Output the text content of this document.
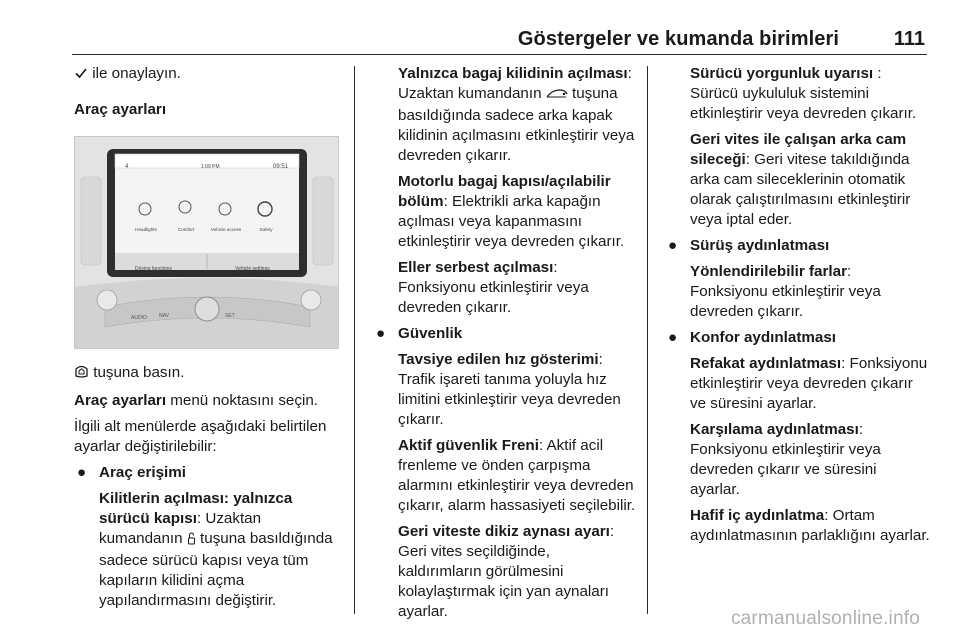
Göstergeler ve kumanda birimleri	111

ile onaylayın.

Araç ayarları
4	1:09 PM	09:51
Headlights	Comfort	Vehicle access	Safety
Driving functions	Vehicle settings
AUDIO NAV	SET

tuşuna basın.

Araç ayarları menü noktasını seçin.

İlgili alt menülerde aşağıdaki belirtilen ayarlar değiştirilebilir:

● Araç erişimi
Kilitlerin açılması: yalnızca sürücü kapısı: Uzaktan kumandanın  tuşuna basıldığında sadece sürücü kapısı veya tüm kapıların kilidini açma yapılandırmasını değiştirir.

Yalnızca bagaj kilidinin açılması: Uzaktan kumandanın  tuşuna basıldığında sadece arka kapak kilidinin açılmasını etkinleştirir veya devreden çıkarır.

Motorlu bagaj kapısı/açılabilir bölüm: Elektrikli arka kapağın açılması veya kapanmasını etkinleştirir veya devreden çıkarır.

Eller serbest açılması: Fonksiyonu etkinleştirir veya devreden çıkarır.

● Güvenlik

Tavsiye edilen hız gösterimi: Trafik işareti tanıma yoluyla hız limitini etkinleştirir veya devreden çıkarır.

Aktif güvenlik Freni: Aktif acil frenleme ve önden çarpışma alarmını etkinleştirir veya devreden çıkarır, alarm hassasiyeti seçilebilir.

Geri viteste dikiz aynası ayarı: Geri vites seçildiğinde, kaldırımların görülmesini kolaylaştırmak için yan aynaları ayarlar.

Sürücü yorgunluk uyarısı : Sürücü uykululuk sistemini etkinleştirir veya devreden çıkarır.

Geri vites ile çalışan arka cam sileceği: Geri vitese takıldığında arka cam sileceklerinin otomatik olarak çalıştırılmasını etkinleştirir veya iptal eder.

● Sürüş aydınlatması

Yönlendirilebilir farlar: Fonksiyonu etkinleştirir veya devreden çıkarır.

● Konfor aydınlatması

Refakat aydınlatması: Fonksiyonu etkinleştirir veya devreden çıkarır ve süresini ayarlar.

Karşılama aydınlatması: Fonksiyonu etkinleştirir veya devreden çıkarır ve süresini ayarlar.

Hafif iç aydınlatma: Ortam aydınlatmasının parlaklığını ayarlar.

carmanualsonline.info
